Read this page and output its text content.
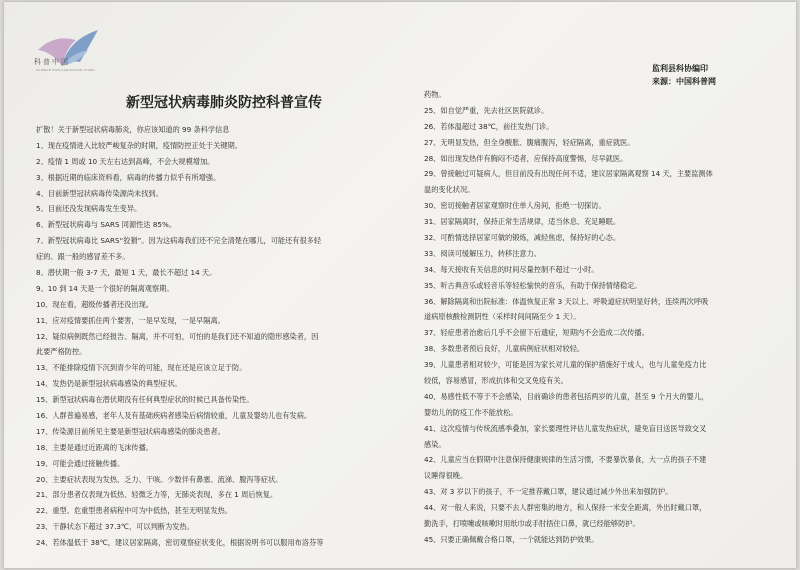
科普中国
SCIENCE POPULARIZATION CHINA	监利县科协编印
来源：中国科普网
新型冠状病毒肺炎防控科普宣传
扩散！关于新型冠状病毒肺炎，你应该知道的 99 条科学信息
1、现在疫情进入比较严峻复杂的时期，疫情防控正处于关键期。
2、疫情 1 周或 10 天左右达到高峰，不会大规模增加。
3、根据近期的临床资料看，病毒的传播力似乎有所增强。
4、目前新型冠状病毒传染源尚未找到。
5、目前还没发现病毒发生变异。
6、新型冠状病毒与 SARS 同源性达 85%。
7、新型冠状病毒比 SARS“狡猾”。因为这病毒我们还不完全清楚在哪儿，可能还有很多轻
症的、跟一般的感冒差不多。
8、潜伏期一般 3-7 天，最短 1 天，最长不超过 14 天。
9、10 到 14 天是一个很好的隔离观察期。
10、现在看，超级传播者还没出现。
11、应对疫情要抓住两个要害，一是早发现，一是早隔离。
12、疑似病例既然已经报告、隔离，并不可怕，可怕的是我们还不知道的隐形感染者，因
此要严格防控。
13、不能排除疫情下沉到青少年的可能，现在还是应该立足于防。
14、发热仍是新型冠状病毒感染的典型症状。
15、新型冠状病毒在潜伏期没有任何典型症状的时候已具备传染性。
16、人群普遍易感，老年人及有基础疾病者感染后病情较重，儿童及婴幼儿也有发病。
17、传染源目前所见主要是新型冠状病毒感染的肺炎患者。
18、主要是通过近距离的飞沫传播。
19、可能会通过接触传播。
20、主要症状表现为发热、乏力、干咳。少数伴有鼻塞、流涕、腹泻等症状。
21、部分患者仅表现为低热、轻微乏力等，无肺炎表现，多在 1 周后恢复。
22、重型、危重型患者病程中可为中低热，甚至无明显发热。
23、干静状态下超过 37.3℃，可以判断为发热。
24、若体温低于 38℃，建议居家隔离，密切观察症状变化，根据说明书可以服用布洛芬等
药物。
25、如自觉严重，先去社区医院就诊。
26、若体温超过 38℃，前往发热门诊。
27、无明显发热，但全身酸胀、腹痛腹泻，轻症隔离，重症就医。
28、如出现发热伴有胸闷不适者，应保持高度警惕，尽早就医。
29、曾接触过可疑病人，但目前没有出现任何不适，建议居家隔离观察 14 天，主要监测体
温的变化状况。
30、密切接触者居家观察时住单人房间，拒绝一切探访。
31、居家隔离时，保持正常生活规律，适当休息、充足睡眠。
32、可酌情选择居家可做的锻炼，减轻焦虑，保持好的心态。
33、阅读可缓解压力，转移注意力。
34、每天接收有关信息的时间尽量控制不超过一小时。
35、听古典音乐或轻音乐等轻松愉快的音乐，有助于保持情绪稳定。
36、解除隔离和出院标准：体温恢复正常 3 天以上、呼吸道症状明显好转，连续两次呼吸
道病原核酸检测阴性（采样时间间隔至少 1 天）。
37、轻症患者治愈后几乎不会留下后遗症，短期内不会造成二次传播。
38、多数患者预后良好，儿童病例症状相对较轻。
39、儿童患者相对较少，可能是因为家长对儿童的保护措施好于成人，也与儿童免疫力比
较低，容易感冒，形成抗体和交叉免疫有关。
40、易感性低不等于不会感染，目前确诊的患者包括两岁的儿童，甚至 9 个月大的婴儿，
婴幼儿的防疫工作不能放松。
41、这次疫情与传统流感季叠加，家长要理性评估儿童发热症状，避免盲目送医导致交叉
感染。
42、儿童应当在假期中注意保持健康规律的生活习惯，不要暴饮暴食，大一点的孩子不建
议睡得很晚。
43、对 3 岁以下的孩子，不一定推荐戴口罩，建议通过减少外出来加强防护。
44、对一般人来说，只要不去人群密集的地方，和人保持一米安全距离，外出时戴口罩，
勤洗手，打喷嚏或咳嗽时用纸巾或手肘捂住口鼻，就已经能够防护。
45、只要正确佩戴合格口罩，一个就能达到防护效果。
